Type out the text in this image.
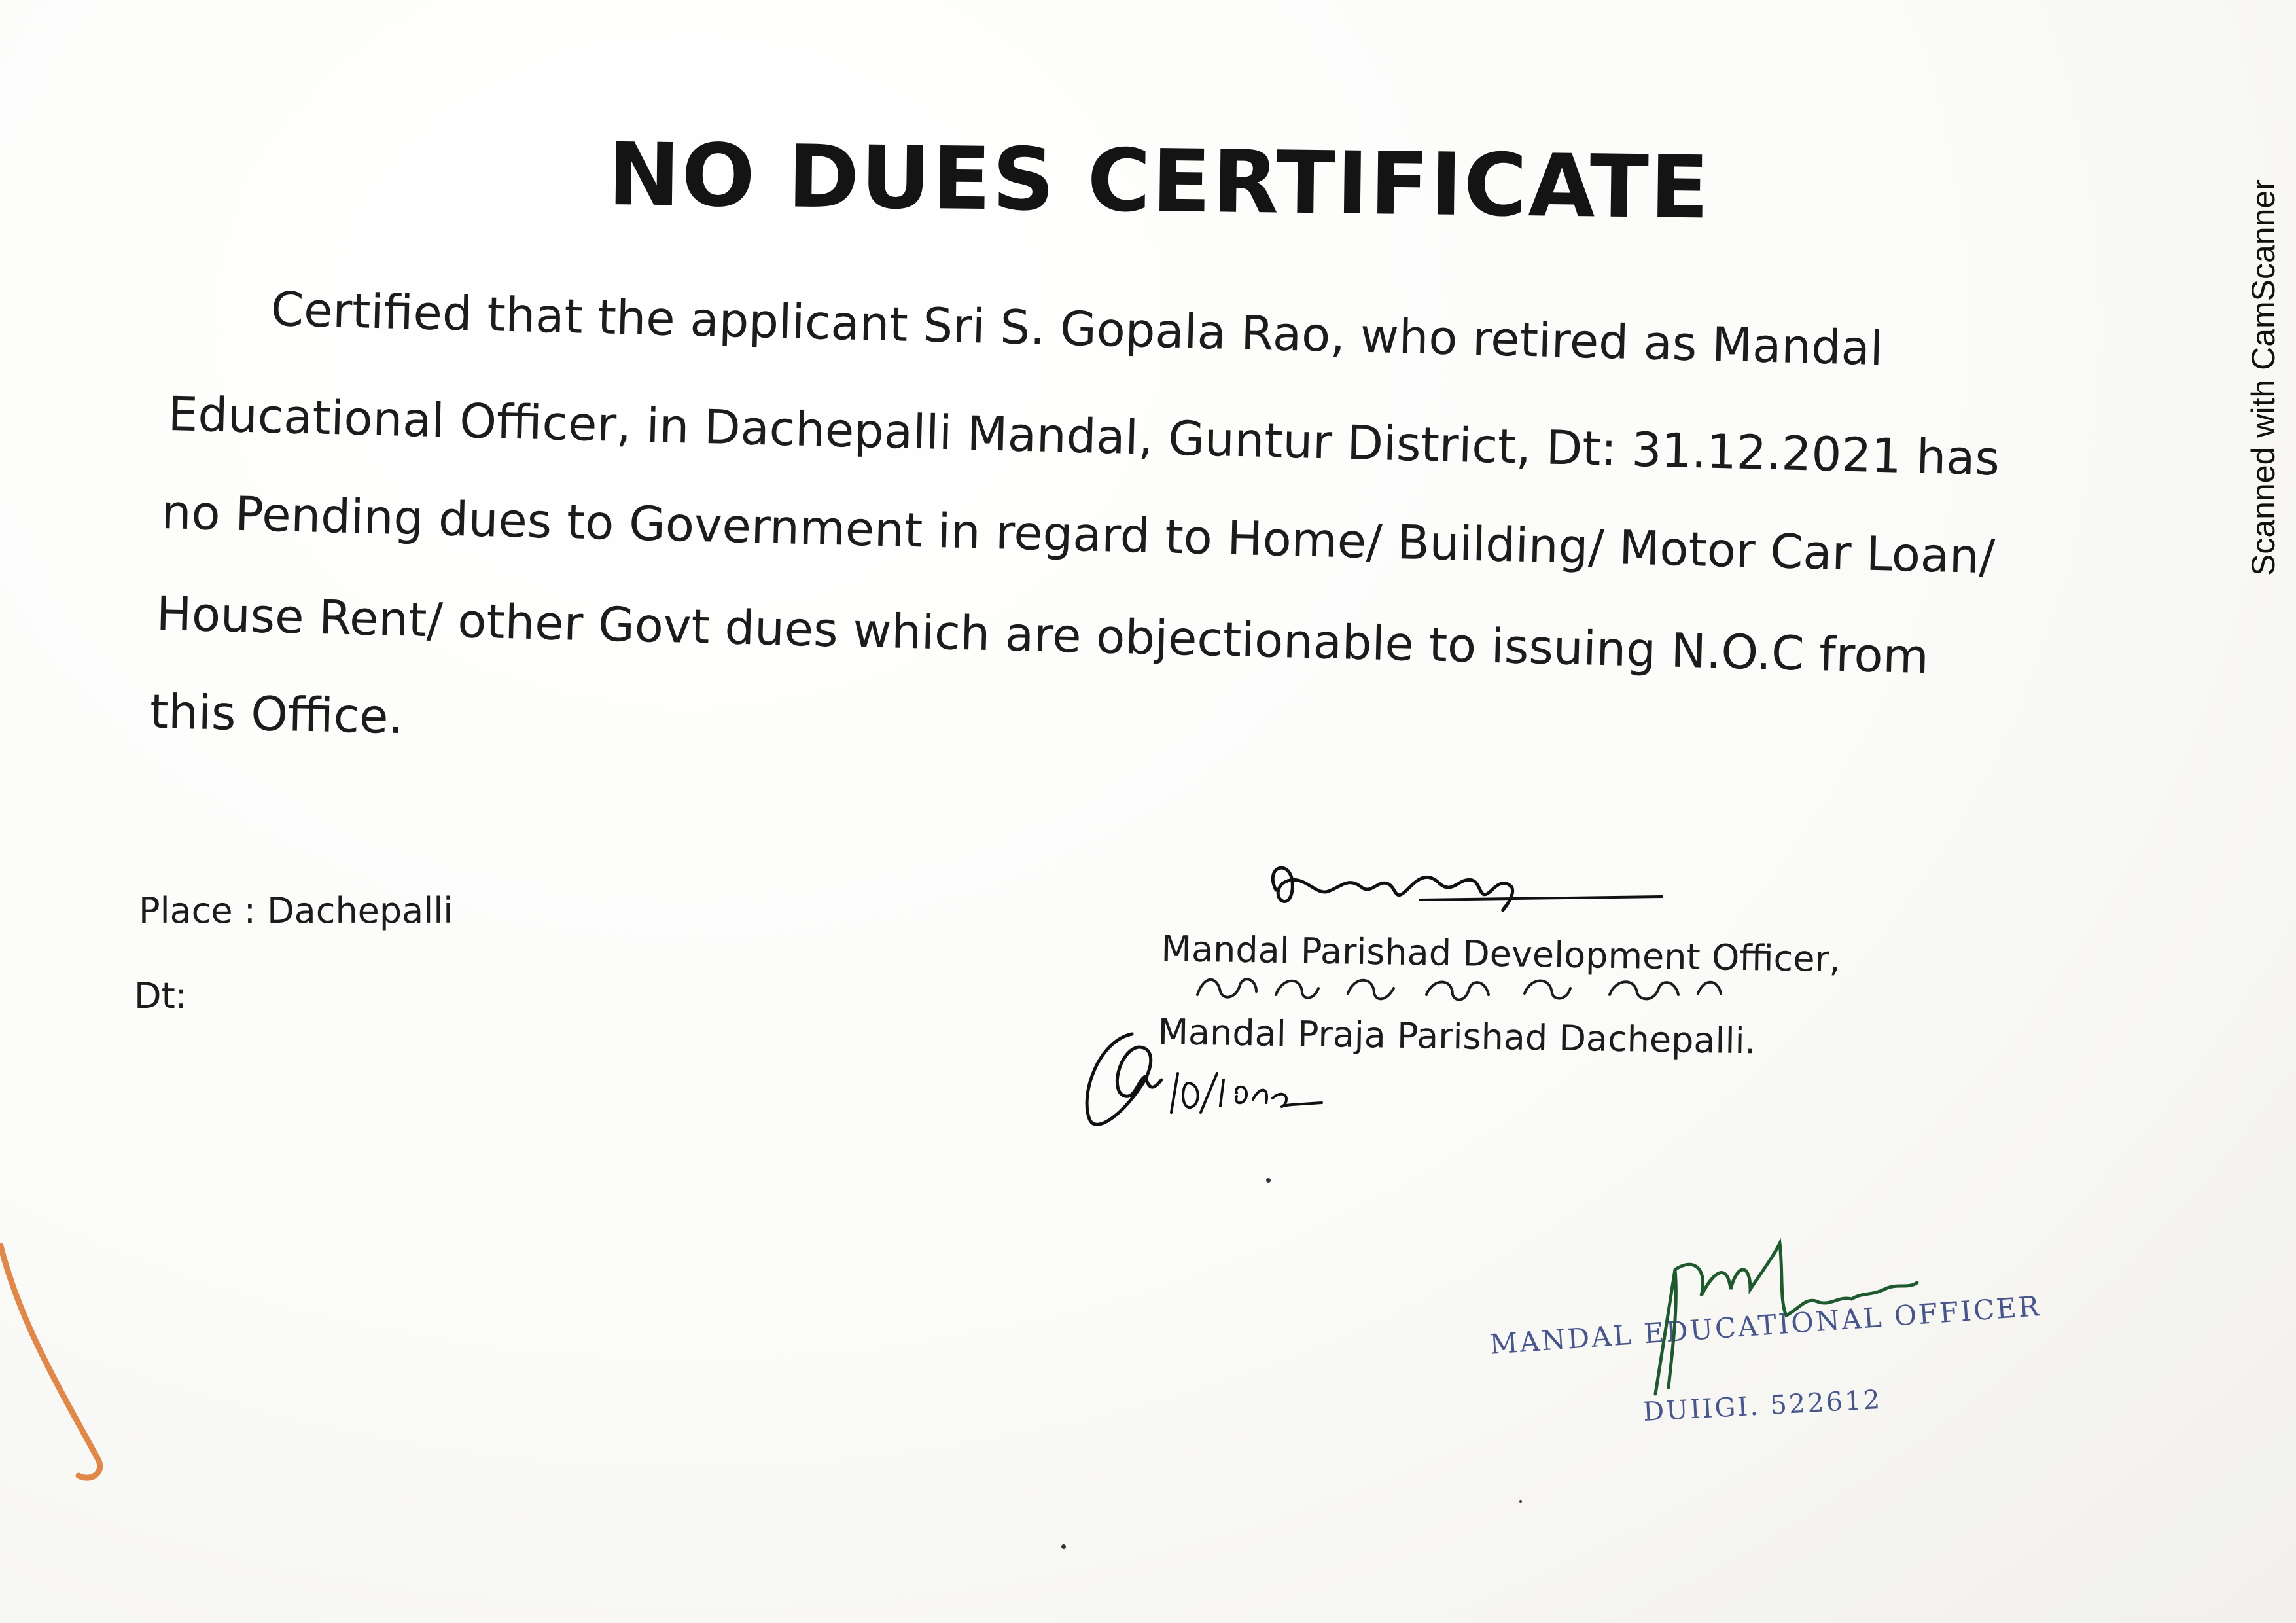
NO DUES CERTIFICATE
Certified that the applicant Sri S. Gopala Rao, who retired as Mandal
Educational Officer, in Dachepalli Mandal, Guntur District, Dt: 31.12.2021 has
no Pending dues to Government in regard to Home/ Building/ Motor Car Loan/
House Rent/ other Govt dues which are objectionable to issuing N.O.C from
this Office.
Place : Dachepalli
Dt:
Mandal Parishad Development Officer,
Mandal Praja Parishad Dachepalli.
MANDAL EDUCATIONAL OFFICER
DUIIGI. 522612
Scanned with CamScanner
